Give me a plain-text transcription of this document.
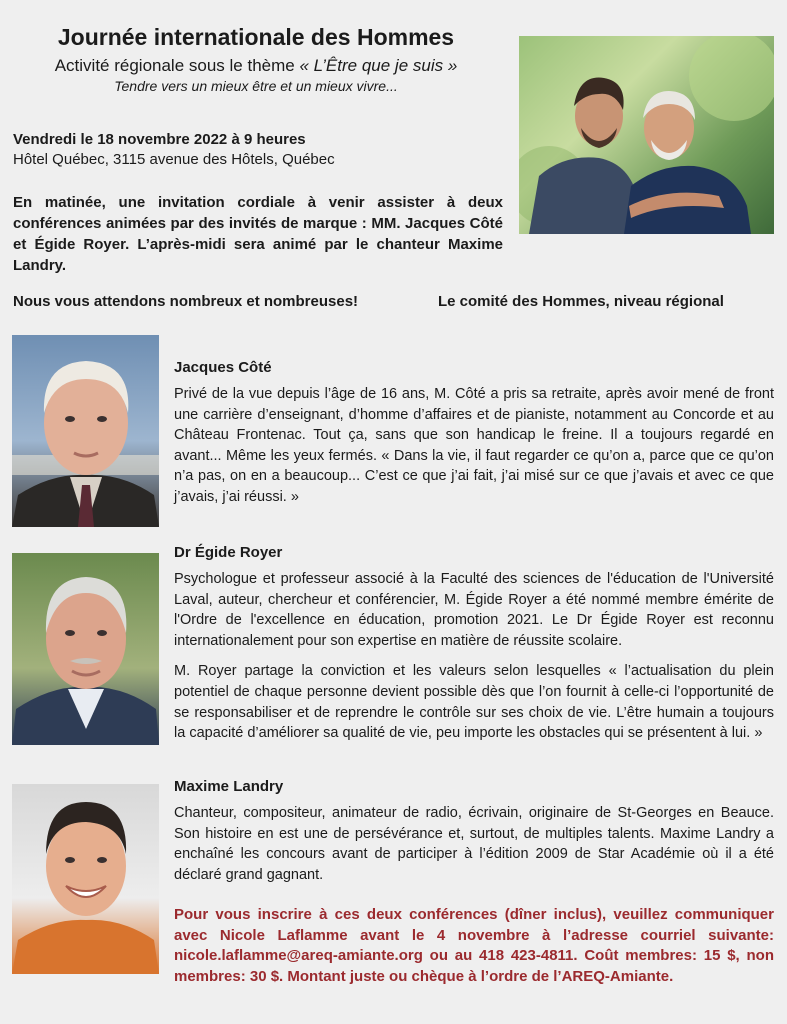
Journée internationale des Hommes
Activité régionale sous le thème « L’Être que je suis »
Tendre vers un mieux être et un mieux vivre...
Vendredi le 18 novembre 2022 à 9 heures
Hôtel Québec, 3115 avenue des Hôtels, Québec
En matinée, une invitation cordiale à venir assister à deux conférences animées par des invités de marque : MM. Jacques Côté et Égide Royer. L’après-midi sera animé par le chanteur Maxime Landry.
Nous vous attendons nombreux et nombreuses!	Le comité des Hommes, niveau régional
Jacques Côté
Privé de la vue depuis l’âge de 16 ans, M. Côté a pris sa retraite, après avoir mené de front une carrière d’enseignant, d’homme d’affaires et de pianiste, notamment au Concorde et au Château Frontenac. Tout ça, sans que son handicap le freine. Il a toujours regardé en avant... Même les yeux fermés. « Dans la vie, il faut regarder ce qu’on a, parce que ce qu’on n’a pas, on en a beaucoup... C’est ce que j’ai fait, j’ai misé sur ce que j’avais et avec ce que j’avais, j’ai réussi. »
Dr Égide Royer
Psychologue et professeur associé à la Faculté des sciences de l'éducation de l'Université Laval, auteur, chercheur et conférencier, M. Égide Royer a été nommé membre émérite de l'Ordre de l'excellence en éducation, promotion 2021. Le Dr Égide Royer est reconnu internationalement pour son expertise en matière de réussite scolaire.
M. Royer partage la conviction et les valeurs selon lesquelles « l’actualisation du plein potentiel de chaque personne devient possible dès que l’on fournit à celle-ci l’opportunité de se responsabiliser et de reprendre le contrôle sur ses choix de vie. L’être humain a toujours la capacité d’améliorer sa qualité de vie, peu importe les obstacles qui se présentent à lui. »
Maxime Landry
Chanteur, compositeur, animateur de radio, écrivain, originaire de St-Georges en Beauce. Son histoire en est une de persévérance et, surtout, de multiples talents. Maxime Landry a enchaîné les concours avant de participer à l’édition 2009 de Star Académie où il a été déclaré grand gagnant.
Pour vous inscrire à ces deux conférences (dîner inclus), veuillez communiquer avec Nicole Laflamme avant le 4 novembre à l’adresse courriel suivante: nicole.laflamme@areq-amiante.org ou au 418 423-4811. Coût membres: 15 $, non membres: 30 $. Montant juste ou chèque à l’ordre de l’AREQ-Amiante.
